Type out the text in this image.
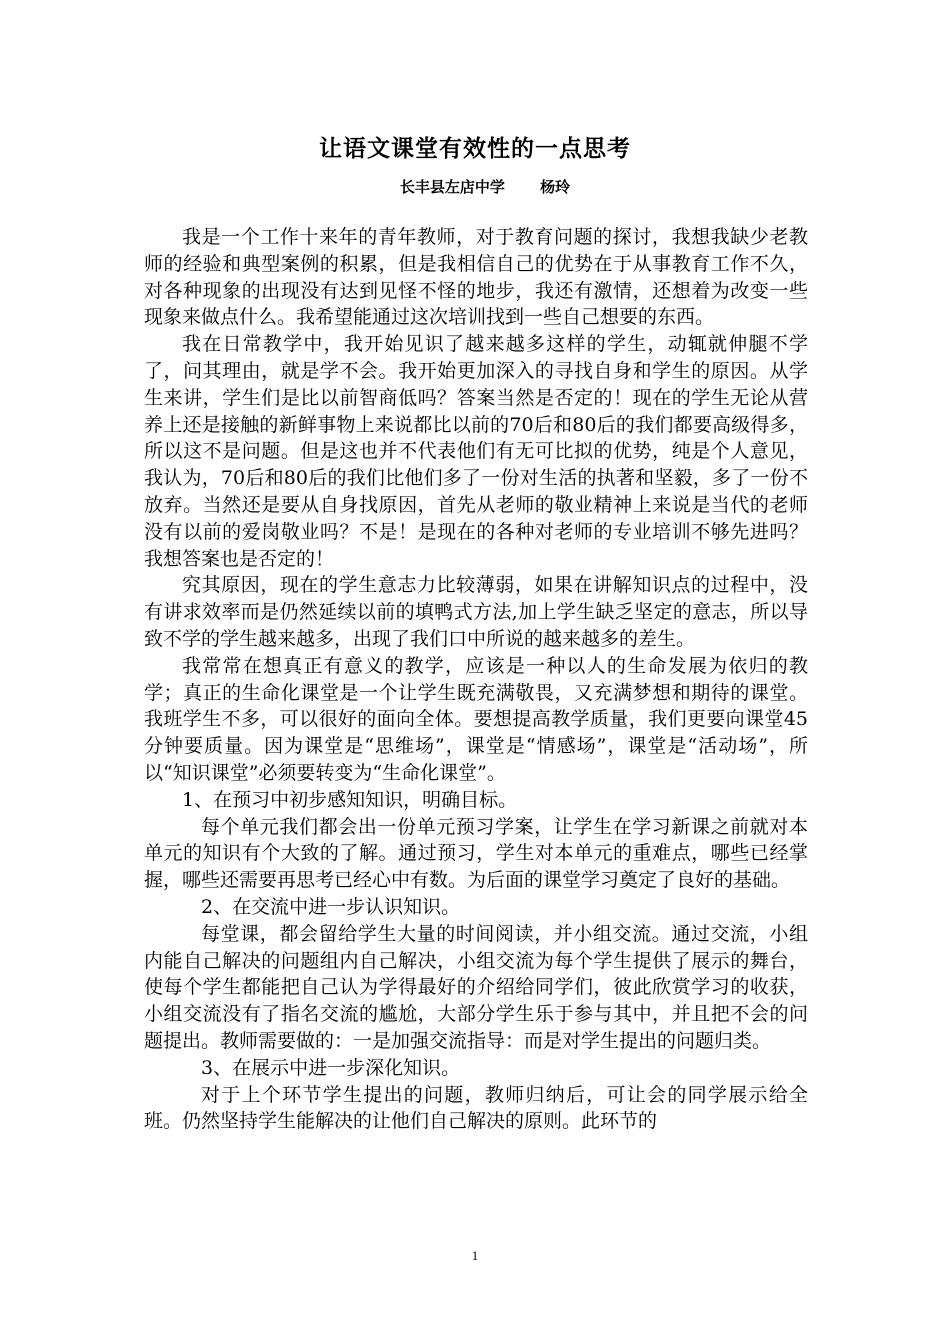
让语文课堂有效性的一点思考
长丰县左店中学 杨玲

我是一个工作十来年的青年教师，对于教育问题的探讨，我想我缺少老教师的经验和典型案例的积累，但是我相信自己的优势在于从事教育工作不久，对各种现象的出现没有达到见怪不怪的地步，我还有激情，还想着为改变一些现象来做点什么。我希望能通过这次培训找到一些自己想要的东西。

我在日常教学中，我开始见识了越来越多这样的学生，动辄就伸腿不学了，问其理由，就是学不会。我开始更加深入的寻找自身和学生的原因。从学生来讲，学生们是比以前智商低吗？答案当然是否定的！现在的学生无论从营养上还是接触的新鲜事物上来说都比以前的70后和80后的我们都要高级得多，所以这不是问题。但是这也并不代表他们有无可比拟的优势，纯是个人意见，我认为，70后和80后的我们比他们多了一份对生活的执著和坚毅，多了一份不放弃。当然还是要从自身找原因，首先从老师的敬业精神上来说是当代的老师没有以前的爱岗敬业吗？不是！是现在的各种对老师的专业培训不够先进吗？我想答案也是否定的！

究其原因，现在的学生意志力比较薄弱，如果在讲解知识点的过程中，没有讲求效率而是仍然延续以前的填鸭式方法,加上学生缺乏坚定的意志，所以导致不学的学生越来越多，出现了我们口中所说的越来越多的差生。

我常常在想真正有意义的教学，应该是一种以人的生命发展为依归的教学；真正的生命化课堂是一个让学生既充满敬畏，又充满梦想和期待的课堂。我班学生不多，可以很好的面向全体。要想提高教学质量，我们更要向课堂45分钟要质量。因为课堂是“思维场”，课堂是“情感场”，课堂是“活动场”，所以“知识课堂”必须要转变为“生命化课堂”。

1、在预习中初步感知知识，明确目标。

每个单元我们都会出一份单元预习学案，让学生在学习新课之前就对本单元的知识有个大致的了解。通过预习，学生对本单元的重难点，哪些已经掌握，哪些还需要再思考已经心中有数。为后面的课堂学习奠定了良好的基础。

2、在交流中进一步认识知识。

每堂课，都会留给学生大量的时间阅读，并小组交流。通过交流，小组内能自己解决的问题组内自己解决，小组交流为每个学生提供了展示的舞台，使每个学生都能把自己认为学得最好的介绍给同学们，彼此欣赏学习的收获，小组交流没有了指名交流的尴尬，大部分学生乐于参与其中，并且把不会的问题提出。教师需要做的：一是加强交流指导：而是对学生提出的问题归类。

3、在展示中进一步深化知识。

对于上个环节学生提出的问题，教师归纳后，可让会的同学展示给全班。仍然坚持学生能解决的让他们自己解决的原则。此环节的

1
